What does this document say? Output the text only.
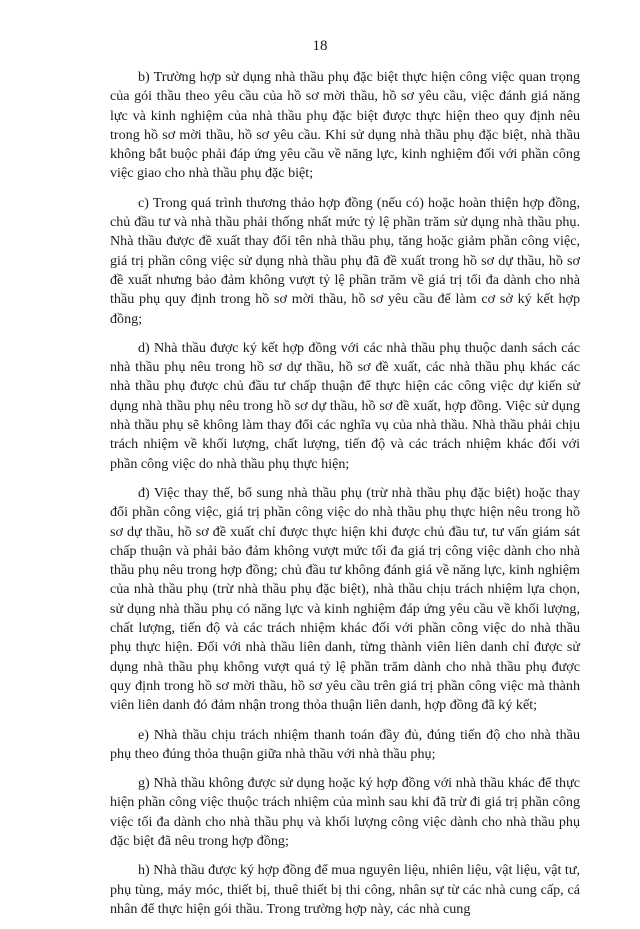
18

b) Trường hợp sử dụng nhà thầu phụ đặc biệt thực hiện công việc quan trọng của gói thầu theo yêu cầu của hồ sơ mời thầu, hồ sơ yêu cầu, việc đánh giá năng lực và kinh nghiệm của nhà thầu phụ đặc biệt được thực hiện theo quy định nêu trong hồ sơ mời thầu, hồ sơ yêu cầu. Khi sử dụng nhà thầu phụ đặc biệt, nhà thầu không bắt buộc phải đáp ứng yêu cầu về năng lực, kinh nghiệm đối với phần công việc giao cho nhà thầu phụ đặc biệt;

c) Trong quá trình thương thảo hợp đồng (nếu có) hoặc hoàn thiện hợp đồng, chủ đầu tư và nhà thầu phải thống nhất mức tỷ lệ phần trăm sử dụng nhà thầu phụ. Nhà thầu được đề xuất thay đổi tên nhà thầu phụ, tăng hoặc giảm phần công việc, giá trị phần công việc sử dụng nhà thầu phụ đã đề xuất trong hồ sơ dự thầu, hồ sơ đề xuất nhưng bảo đảm không vượt tỷ lệ phần trăm về giá trị tối đa dành cho nhà thầu phụ quy định trong hồ sơ mời thầu, hồ sơ yêu cầu để làm cơ sở ký kết hợp đồng;

d) Nhà thầu được ký kết hợp đồng với các nhà thầu phụ thuộc danh sách các nhà thầu phụ nêu trong hồ sơ dự thầu, hồ sơ đề xuất, các nhà thầu phụ khác các nhà thầu phụ được chủ đầu tư chấp thuận để thực hiện các công việc dự kiến sử dụng nhà thầu phụ nêu trong hồ sơ dự thầu, hồ sơ đề xuất, hợp đồng. Việc sử dụng nhà thầu phụ sẽ không làm thay đổi các nghĩa vụ của nhà thầu. Nhà thầu phải chịu trách nhiệm về khối lượng, chất lượng, tiến độ và các trách nhiệm khác đối với phần công việc do nhà thầu phụ thực hiện;

đ) Việc thay thế, bổ sung nhà thầu phụ (trừ nhà thầu phụ đặc biệt) hoặc thay đổi phần công việc, giá trị phần công việc do nhà thầu phụ thực hiện nêu trong hồ sơ dự thầu, hồ sơ đề xuất chỉ được thực hiện khi được chủ đầu tư, tư vấn giám sát chấp thuận và phải bảo đảm không vượt mức tối đa giá trị công việc dành cho nhà thầu phụ nêu trong hợp đồng; chủ đầu tư không đánh giá về năng lực, kinh nghiệm của nhà thầu phụ (trừ nhà thầu phụ đặc biệt), nhà thầu chịu trách nhiệm lựa chọn, sử dụng nhà thầu phụ có năng lực và kinh nghiệm đáp ứng yêu cầu về khối lượng, chất lượng, tiến độ và các trách nhiệm khác đối với phần công việc do nhà thầu phụ thực hiện. Đối với nhà thầu liên danh, từng thành viên liên danh chỉ được sử dụng nhà thầu phụ không vượt quá tỷ lệ phần trăm dành cho nhà thầu phụ được quy định trong hồ sơ mời thầu, hồ sơ yêu cầu trên giá trị phần công việc mà thành viên liên danh đó đảm nhận trong thỏa thuận liên danh, hợp đồng đã ký kết;

e) Nhà thầu chịu trách nhiệm thanh toán đầy đủ, đúng tiến độ cho nhà thầu phụ theo đúng thỏa thuận giữa nhà thầu với nhà thầu phụ;

g) Nhà thầu không được sử dụng hoặc ký hợp đồng với nhà thầu khác để thực hiện phần công việc thuộc trách nhiệm của mình sau khi đã trừ đi giá trị phần công việc tối đa dành cho nhà thầu phụ và khối lượng công việc dành cho nhà thầu phụ đặc biệt đã nêu trong hợp đồng;

h) Nhà thầu được ký hợp đồng để mua nguyên liệu, nhiên liệu, vật liệu, vật tư, phụ tùng, máy móc, thiết bị, thuê thiết bị thi công, nhân sự từ các nhà cung cấp, cá nhân để thực hiện gói thầu. Trong trường hợp này, các nhà cung
